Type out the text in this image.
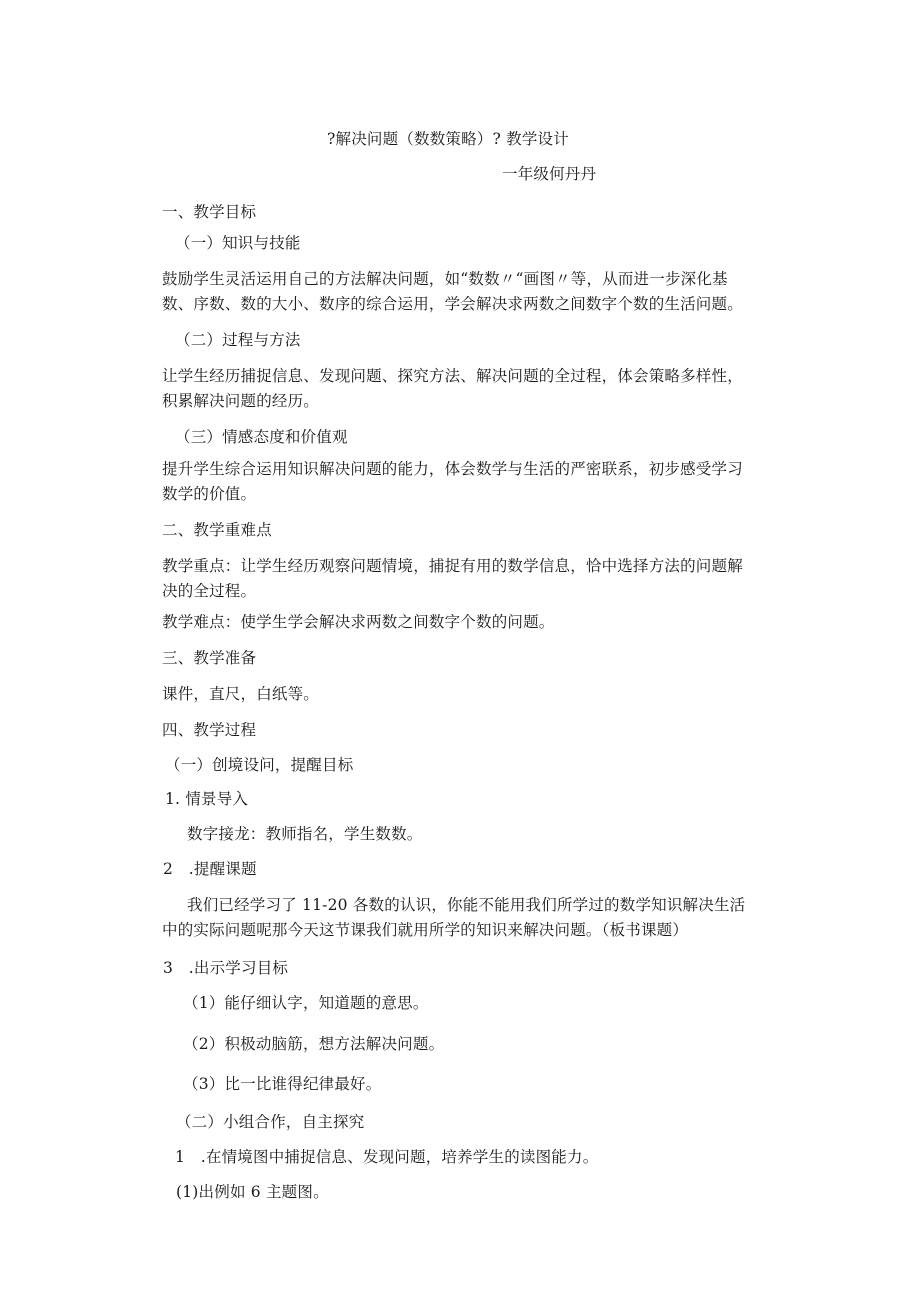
?解决问题（数数策略）? 教学设计
一年级何丹丹
一、教学目标
（一）知识与技能
鼓励学生灵活运用自己的方法解决问题，如“数数〃“画图〃等，从而进一步深化基
数、序数、数的大小、数序的综合运用，学会解决求两数之间数字个数的生活问题。
（二）过程与方法
让学生经历捕捉信息、发现问题、探究方法、解决问题的全过程，体会策略多样性，
积累解决问题的经历。
（三）情感态度和价值观
提升学生综合运用知识解决问题的能力，体会数学与生活的严密联系，初步感受学习
数学的价值。
二、教学重难点
教学重点：让学生经历观察问题情境，捕捉有用的数学信息，恰中选择方法的问题解
决的全过程。
教学难点：使学生学会解决求两数之间数字个数的问题。
三、教学准备
课件，直尺，白纸等。
四、教学过程
（一）创境设问，提醒目标
1. 情景导入
数字接龙：教师指名，学生数数。
2　.提醒课题
我们已经学习了 11-20 各数的认识，你能不能用我们所学过的数学知识解决生活
中的实际问题呢那今天这节课我们就用所学的知识来解决问题。（板书课题）
3　.出示学习目标
（1）能仔细认字，知道题的意思。
（2）积极动脑筋，想方法解决问题。
（3）比一比谁得纪律最好。
（二）小组合作，自主探究
1　.在情境图中捕捉信息、发现问题，培养学生的读图能力。
(1)出例如 6 主题图。
